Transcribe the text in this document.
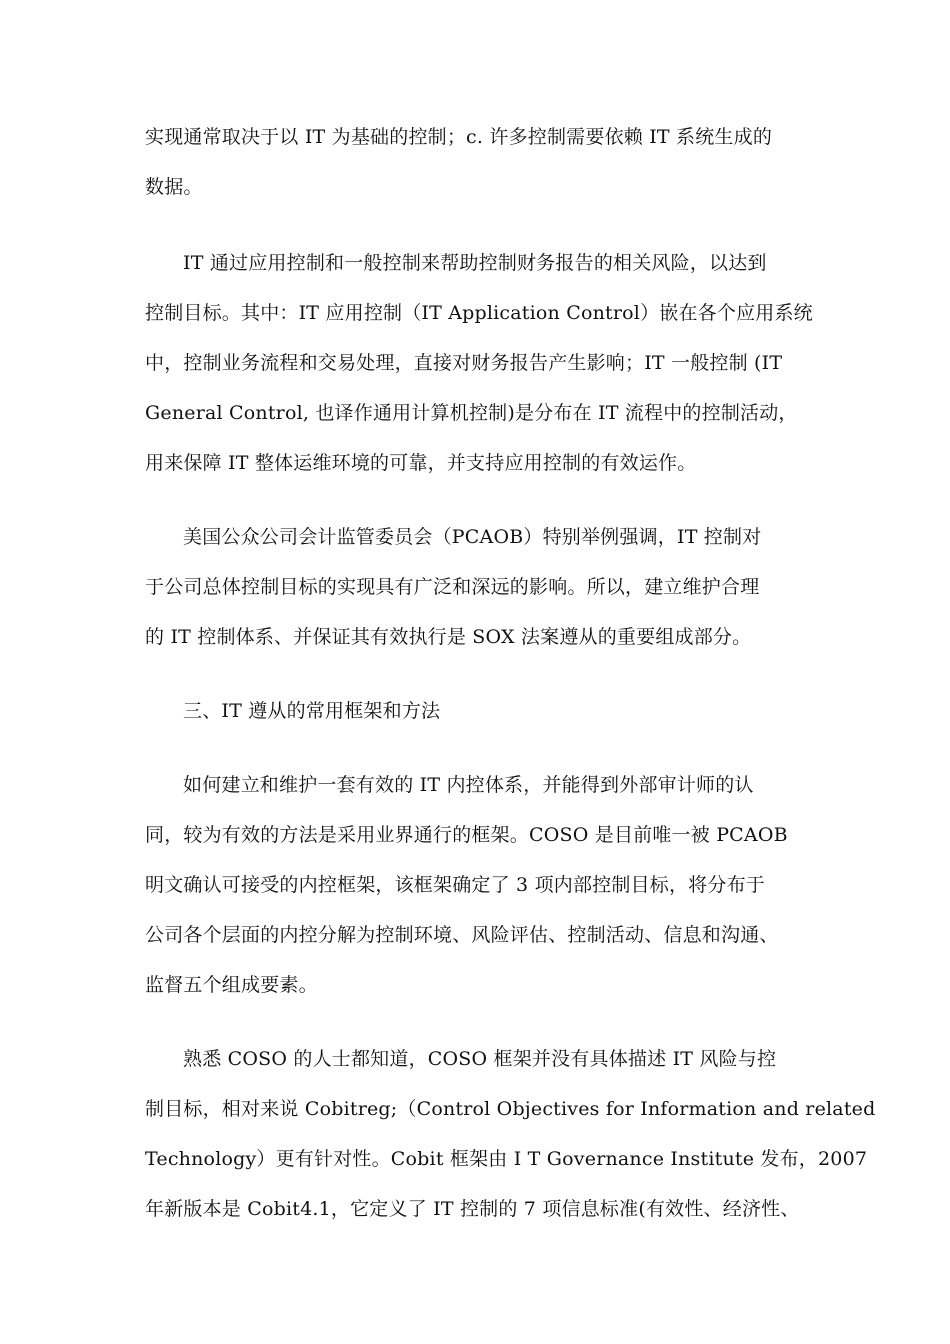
实现通常取决于以 IT 为基础的控制；c. 许多控制需要依赖 IT 系统生成的
数据。
IT 通过应用控制和一般控制来帮助控制财务报告的相关风险，以达到
控制目标。其中：IT 应用控制（IT Application Control）嵌在各个应用系统
中，控制业务流程和交易处理，直接对财务报告产生影响；IT 一般控制 (IT
General Control, 也译作通用计算机控制)是分布在 IT 流程中的控制活动，
用来保障 IT 整体运维环境的可靠，并支持应用控制的有效运作。
美国公众公司会计监管委员会（PCAOB）特别举例强调，IT 控制对
于公司总体控制目标的实现具有广泛和深远的影响。所以，建立维护合理
的 IT 控制体系、并保证其有效执行是 SOX 法案遵从的重要组成部分。
三、IT 遵从的常用框架和方法
如何建立和维护一套有效的 IT 内控体系，并能得到外部审计师的认
同，较为有效的方法是采用业界通行的框架。COSO 是目前唯一被 PCAOB
明文确认可接受的内控框架，该框架确定了 3 项内部控制目标，将分布于
公司各个层面的内控分解为控制环境、风险评估、控制活动、信息和沟通、
监督五个组成要素。
熟悉 COSO 的人士都知道，COSO 框架并没有具体描述 IT 风险与控
制目标，相对来说 Cobitreg;（Control Objectives for Information and related
Technology）更有针对性。Cobit 框架由 I T Governance Institute 发布，2007
年新版本是 Cobit4.1，它定义了 IT 控制的 7 项信息标准(有效性、经济性、
